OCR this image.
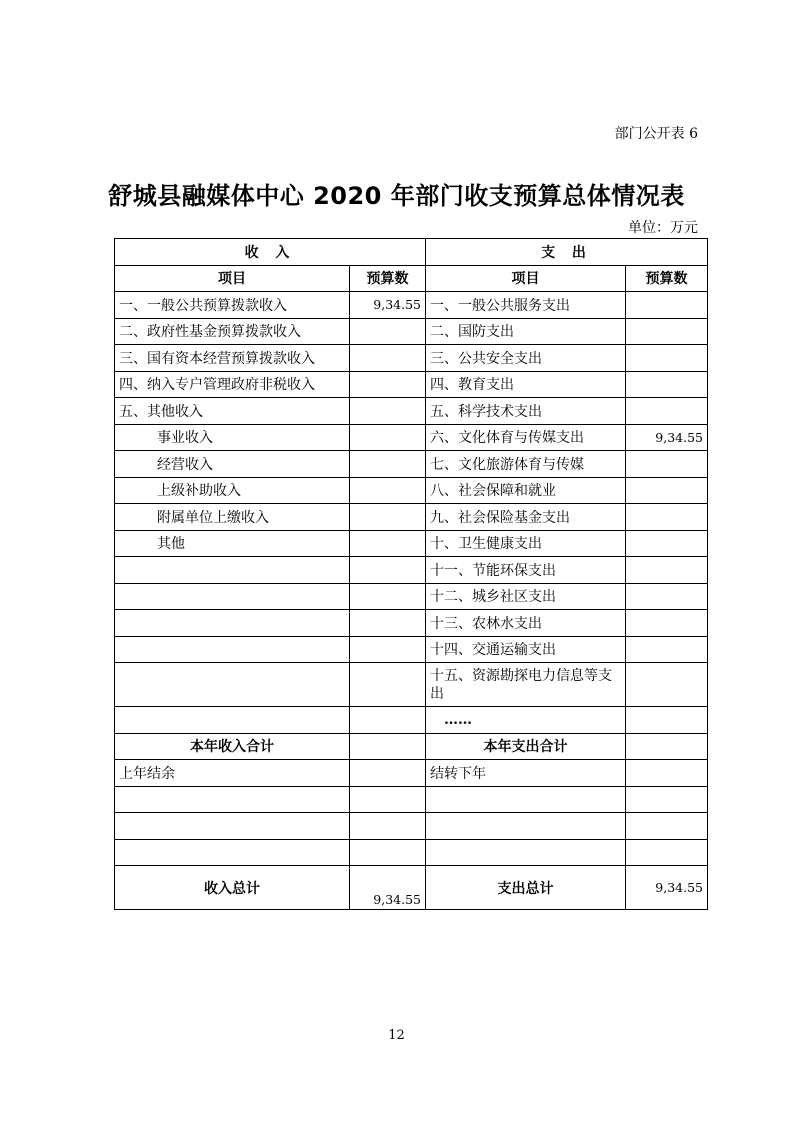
部门公开表 6
舒城县融媒体中心 2020 年部门收支预算总体情况表
单位：万元
收 入		支 出	
项目	预算数	项目	预算数
一、一般公共预算拨款收入	9,34.55	一、一般公共服务支出	
二、政府性基金预算拨款收入		二、国防支出	
三、国有资本经营预算拨款收入		三、公共安全支出	
四、纳入专户管理政府非税收入		四、教育支出	
五、其他收入		五、科学技术支出	
事业收入		六、文化体育与传媒支出	9,34.55
经营收入		七、文化旅游体育与传媒	
上级补助收入		八、社会保障和就业	
附属单位上缴收入		九、社会保险基金支出	
其他		十、卫生健康支出	
		十一、节能环保支出	
		十二、城乡社区支出	
		十三、农林水支出	
		十四、交通运输支出	
		十五、资源勘探电力信息等支出	
		……	
本年收入合计		本年支出合计	
上年结余		结转下年	

收入总计	9,34.55	支出总计	9,34.55
12
